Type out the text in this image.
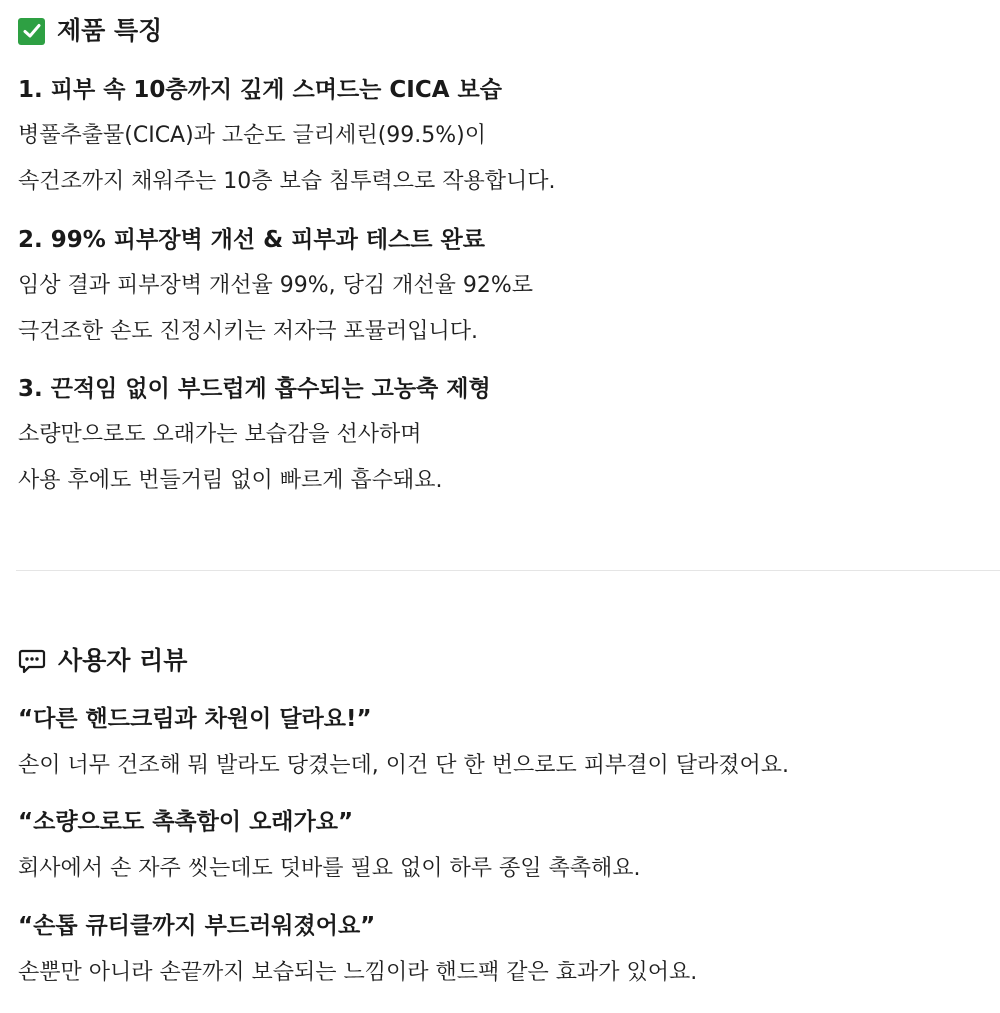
제품 특징

1. 피부 속 10층까지 깊게 스며드는 CICA 보습

병풀추출물(CICA)과 고순도 글리세린(99.5%)이

속건조까지 채워주는 10층 보습 침투력으로 작용합니다.

2. 99% 피부장벽 개선 & 피부과 테스트 완료

임상 결과 피부장벽 개선율 99%, 당김 개선율 92%로

극건조한 손도 진정시키는 저자극 포뮬러입니다.

3. 끈적임 없이 부드럽게 흡수되는 고농축 제형

소량만으로도 오래가는 보습감을 선사하며

사용 후에도 번들거림 없이 빠르게 흡수돼요.

사용자 리뷰

“다른 핸드크림과 차원이 달라요!”

손이 너무 건조해 뭐 발라도 당겼는데, 이건 단 한 번으로도 피부결이 달라졌어요.

“소량으로도 촉촉함이 오래가요”

회사에서 손 자주 씻는데도 덧바를 필요 없이 하루 종일 촉촉해요.

“손톱 큐티클까지 부드러워졌어요”

손뿐만 아니라 손끝까지 보습되는 느낌이라 핸드팩 같은 효과가 있어요.
